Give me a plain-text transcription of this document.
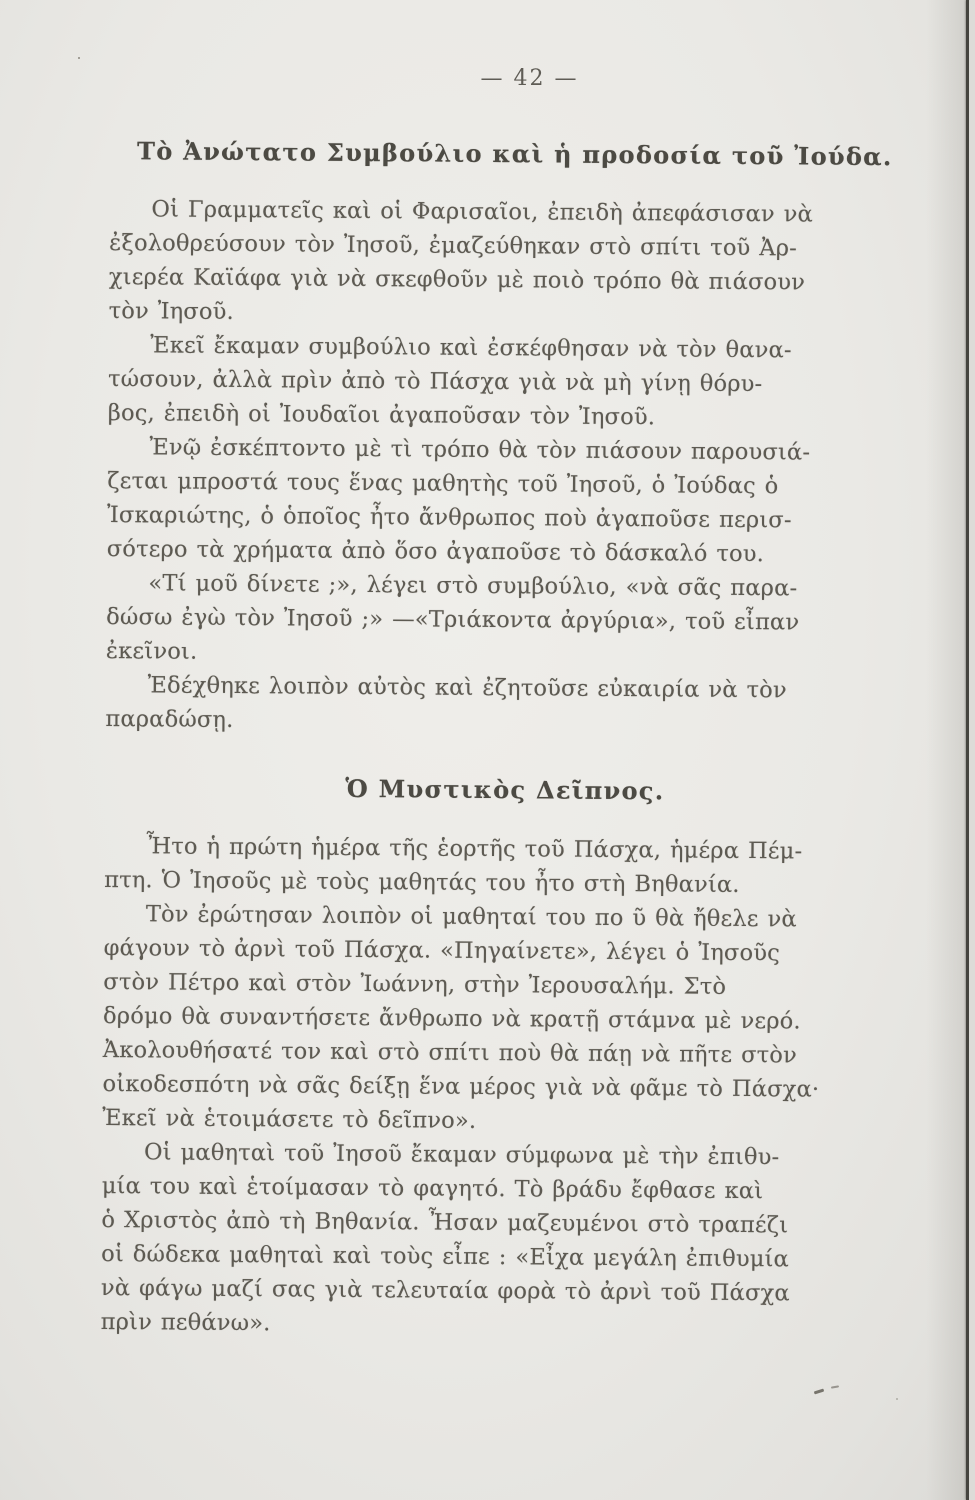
— 42 —
Τὸ Ἀνώτατο Συμβούλιο καὶ ἡ προδοσία τοῦ Ἰούδα.

Οἱ Γραμματεῖς καὶ οἱ Φαρισαῖοι, ἐπειδὴ ἀπεφάσισαν νὰ
ἐξολοθρεύσουν τὸν Ἰησοῦ, ἐμαζεύθηκαν στὸ σπίτι τοῦ Ἀρ-
χιερέα Καϊάφα γιὰ νὰ σκεφθοῦν μὲ ποιὸ τρόπο θὰ πιάσουν
τὸν Ἰησοῦ.

Ἐκεῖ ἔκαμαν συμβούλιο καὶ ἐσκέφθησαν νὰ τὸν θανα-
τώσουν, ἀλλὰ πρὶν ἀπὸ τὸ Πάσχα γιὰ νὰ μὴ γίνῃ θόρυ-
βος, ἐπειδὴ οἱ Ἰουδαῖοι ἀγαποῦσαν τὸν Ἰησοῦ.

Ἐνῷ ἐσκέπτοντο μὲ τὶ τρόπο θὰ τὸν πιάσουν παρουσιά-
ζεται μπροστά τους ἕνας μαθητὴς τοῦ Ἰησοῦ, ὁ Ἰούδας ὁ
Ἰσκαριώτης, ὁ ὁποῖος ἦτο ἄνθρωπος ποὺ ἀγαποῦσε περισ-
σότερο τὰ χρήματα ἀπὸ ὅσο ἀγαποῦσε τὸ δάσκαλό του.

«Τί μοῦ δίνετε ;», λέγει στὸ συμβούλιο, «νὰ σᾶς παρα-
δώσω ἐγὼ τὸν Ἰησοῦ ;» —«Τριάκοντα ἀργύρια», τοῦ εἶπαν
ἐκεῖνοι.

Ἐδέχθηκε λοιπὸν αὐτὸς καὶ ἐζητοῦσε εὐκαιρία νὰ τὸν
παραδώσῃ.

Ὁ Μυστικὸς Δεῖπνος.

Ἦτο ἡ πρώτη ἡμέρα τῆς ἑορτῆς τοῦ Πάσχα, ἡμέρα Πέμ-
πτη. Ὁ Ἰησοῦς μὲ τοὺς μαθητάς του ἦτο στὴ Βηθανία.

Τὸν ἐρώτησαν λοιπὸν οἱ μαθηταί του πο ῦ θὰ ἤθελε νὰ
φάγουν τὸ ἀρνὶ τοῦ Πάσχα. «Πηγαίνετε», λέγει ὁ Ἰησοῦς
στὸν Πέτρο καὶ στὸν Ἰωάννη, στὴν Ἰερουσαλήμ. Στὸ
δρόμο θὰ συναντήσετε ἄνθρωπο νὰ κρατῇ στάμνα μὲ νερό.
Ἀκολουθήσατέ τον καὶ στὸ σπίτι ποὺ θὰ πάῃ νὰ πῆτε στὸν
οἰκοδεσπότη νὰ σᾶς δείξῃ ἕνα μέρος γιὰ νὰ φᾶμε τὸ Πάσχα·
Ἐκεῖ νὰ ἑτοιμάσετε τὸ δεῖπνο».

Οἱ μαθηταὶ τοῦ Ἰησοῦ ἔκαμαν σύμφωνα μὲ τὴν ἐπιθυ-
μία του καὶ ἑτοίμασαν τὸ φαγητό. Τὸ βράδυ ἔφθασε καὶ
ὁ Χριστὸς ἀπὸ τὴ Βηθανία. Ἦσαν μαζευμένοι στὸ τραπέζι
οἱ δώδεκα μαθηταὶ καὶ τοὺς εἶπε : «Εἶχα μεγάλη ἐπιθυμία
νὰ φάγω μαζί σας γιὰ τελευταία φορὰ τὸ ἀρνὶ τοῦ Πάσχα
πρὶν πεθάνω».
